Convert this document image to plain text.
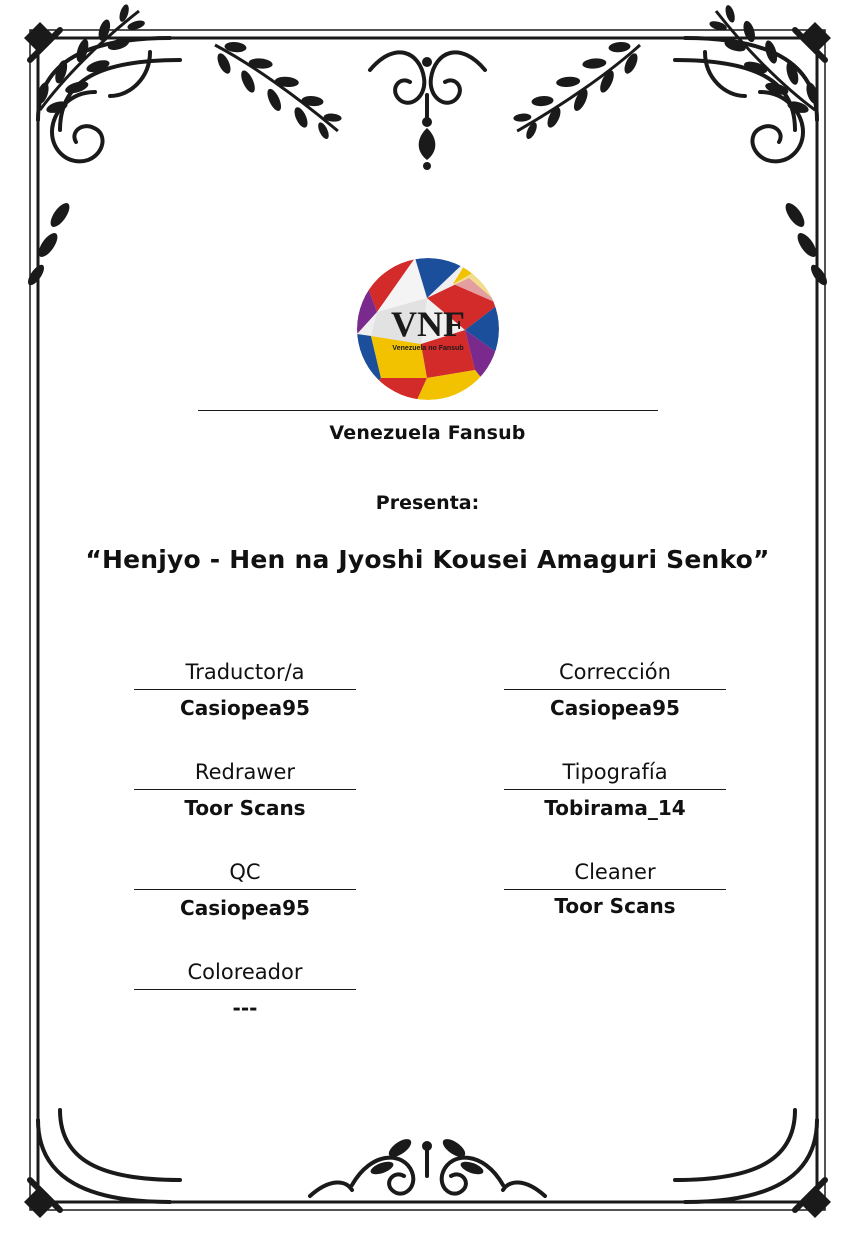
VNF
Venezuela no Fansub
Venezuela Fansub
Presenta:
“Henjyo - Hen na Jyoshi Kousei Amaguri Senko”
Traductor/a
Casiopea95
Redrawer
Toor Scans
QC
Casiopea95
Coloreador
---
Corrección
Casiopea95
Tipografía
Tobirama_14
Cleaner
Toor Scans
